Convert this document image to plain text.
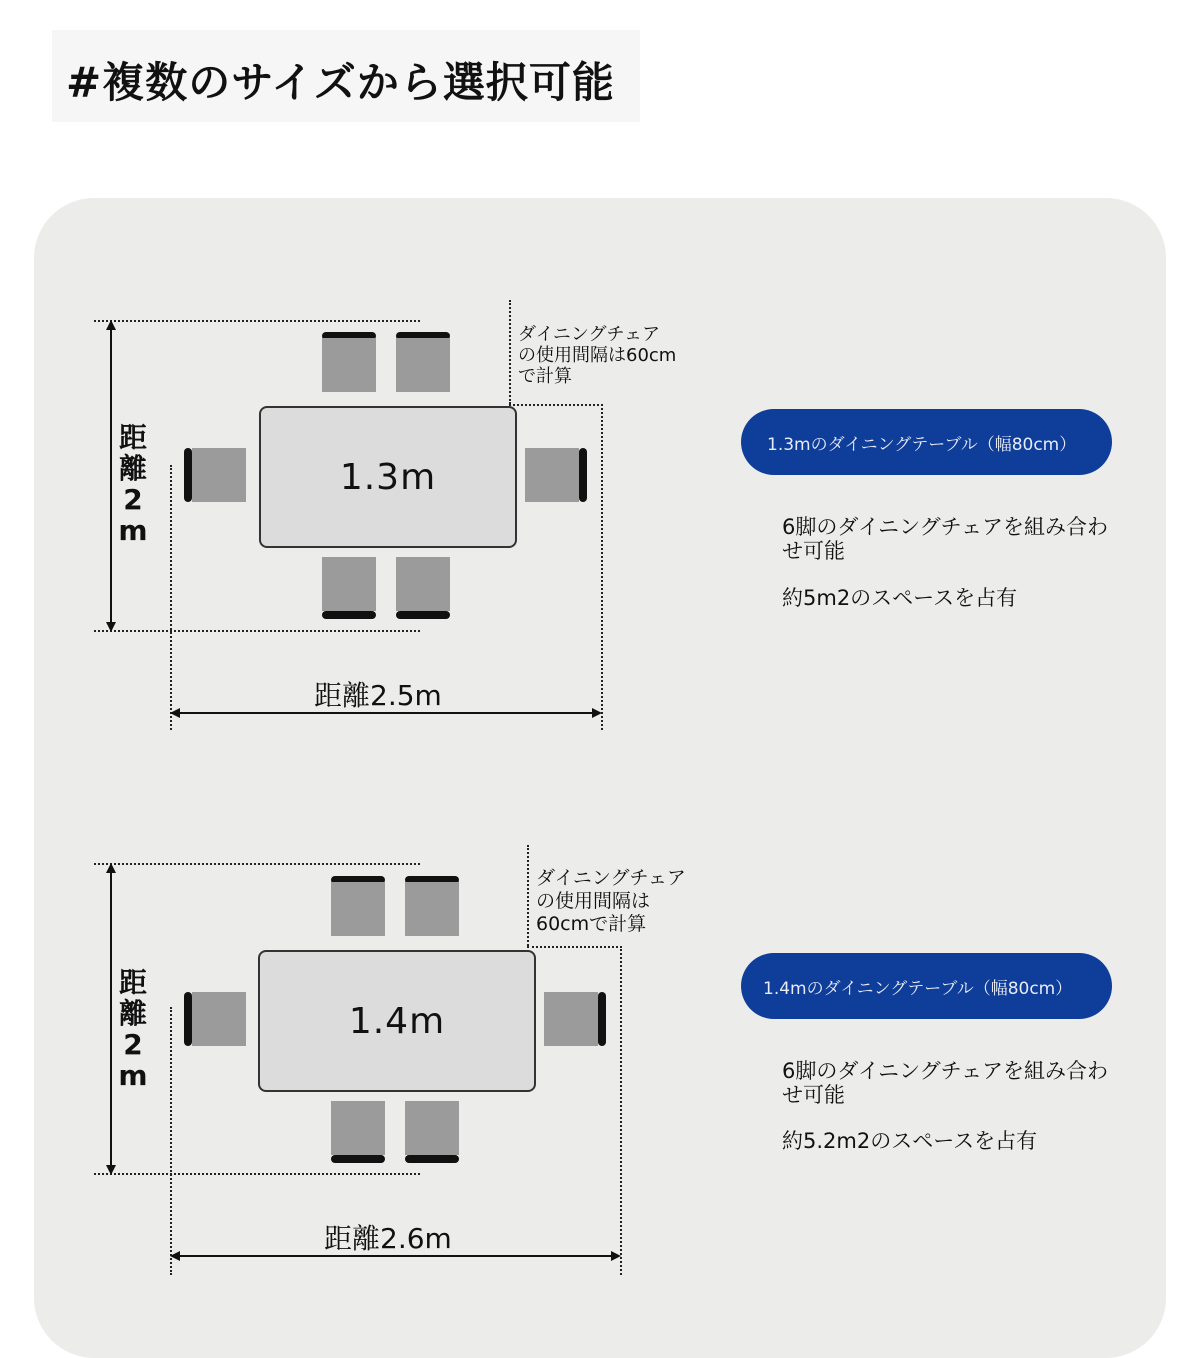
#複数のサイズから選択可能
距
離
2
m
距離2.5m
ダイニングチェアの使用間隔は60cmで計算
1.3m
1.3mのダイニングテーブル（幅80cm）
6脚のダイニングチェアを組み合わせ可能
約5m2のスペースを占有
距
離
2
m
距離2.6m
ダイニングチェアの使用間隔は60cmで計算
1.4m
1.4mのダイニングテーブル（幅80cm）
6脚のダイニングチェアを組み合わせ可能
約5.2m2のスペースを占有
